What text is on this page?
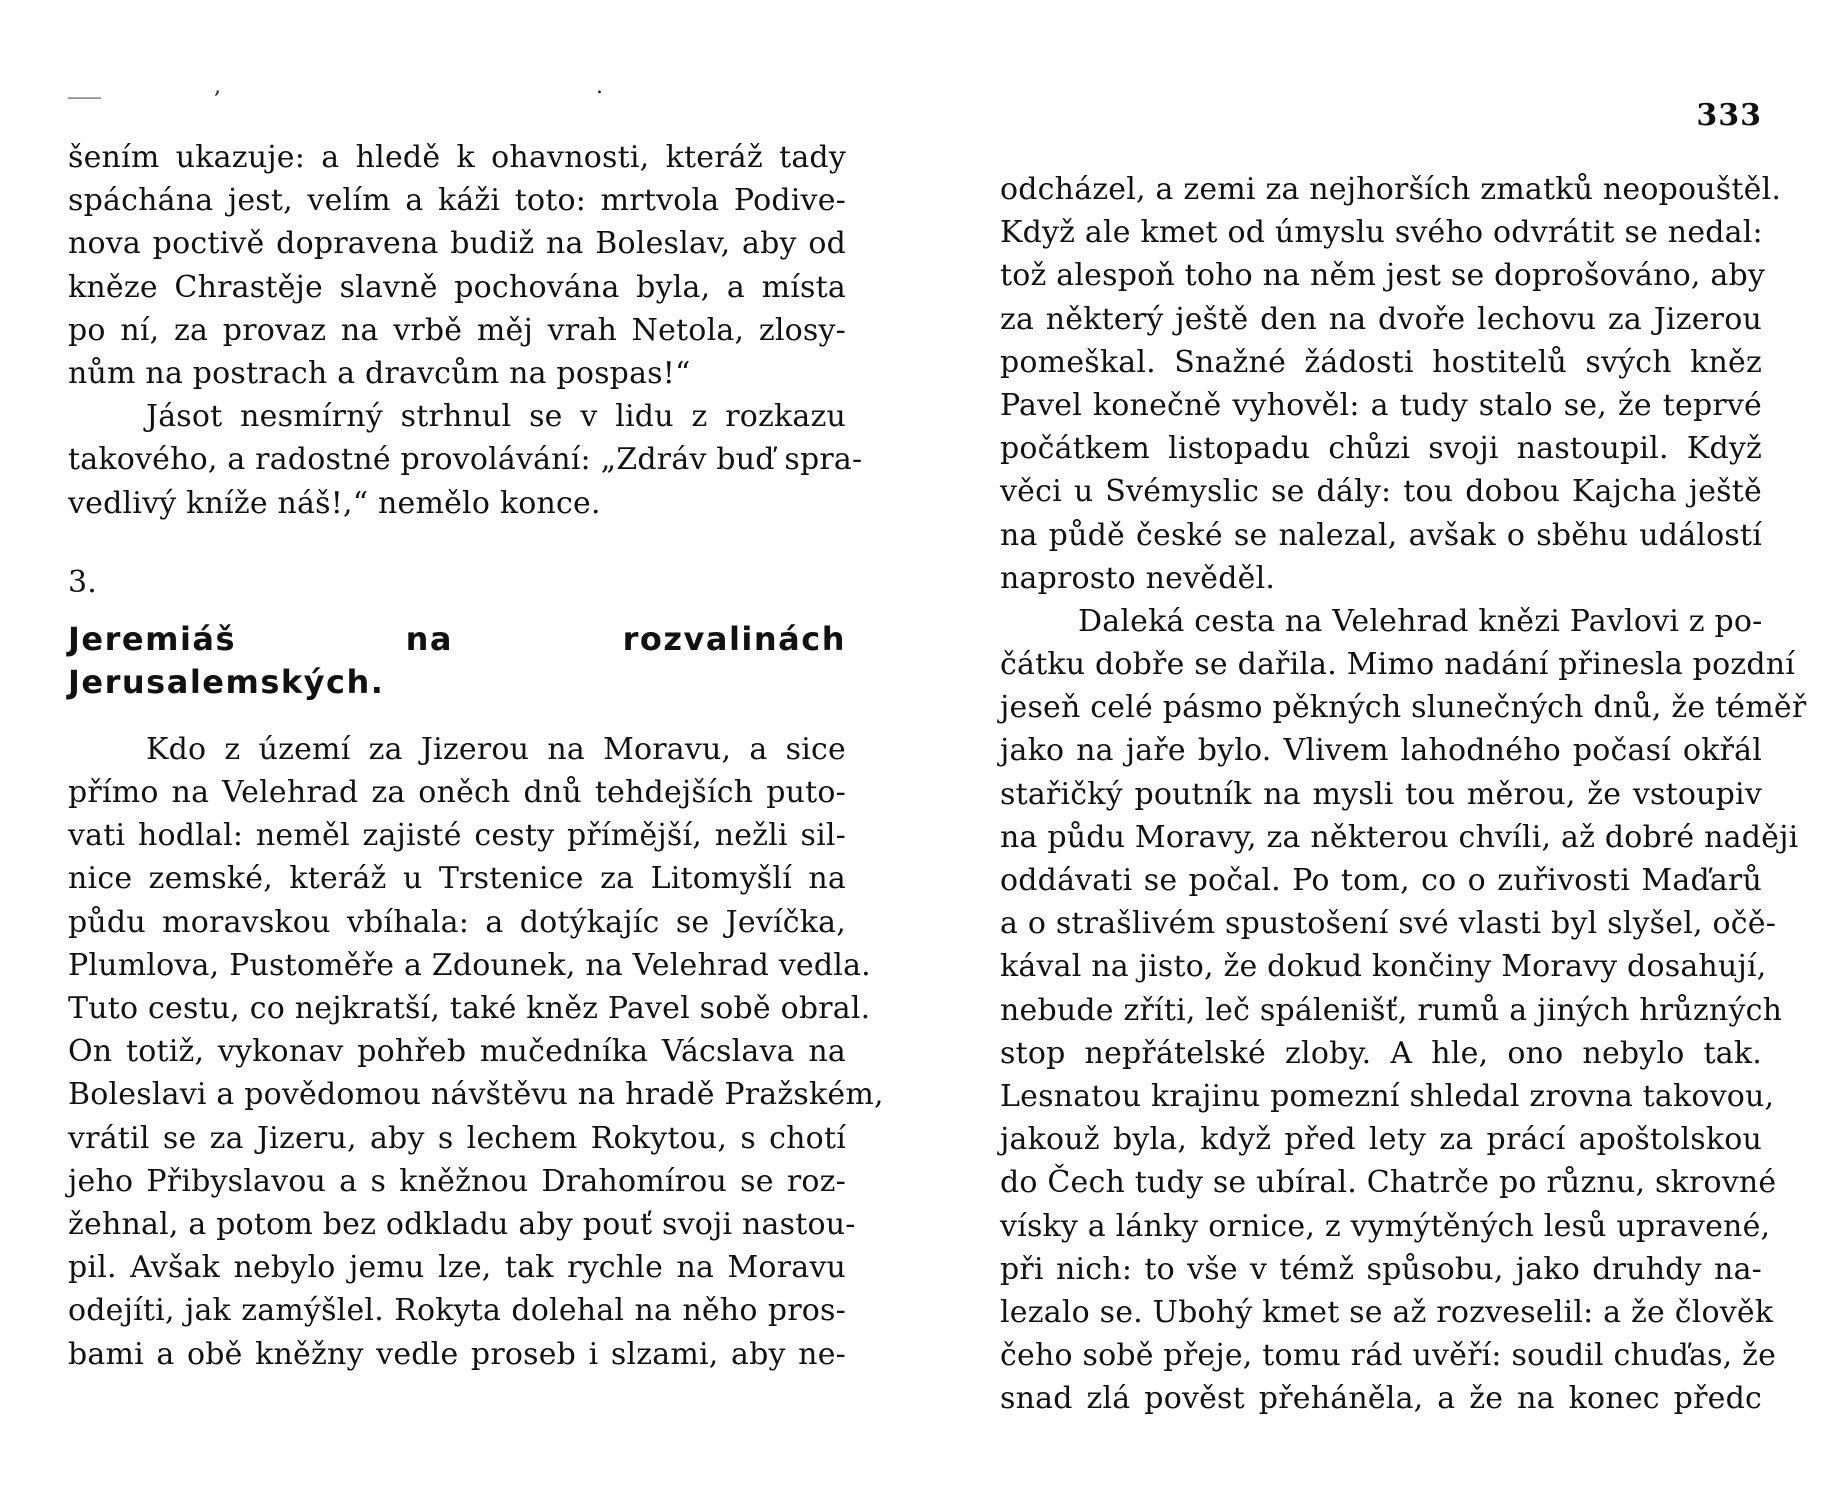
___	,	.
šením ukazuje: a hledě k ohavnosti, kteráž tady
spáchána jest, velím a káži toto: mrtvola Podive-
nova poctivě dopravena budiž na Boleslav, aby od
kněze Chrastěje slavně pochována byla, a místa
po ní, za provaz na vrbě měj vrah Netola, zlosy-
nům na postrach a dravcům na pospas!“
Jásot nesmírný strhnul se v lidu z rozkazu
takového, a radostné provolávání: „Zdráv buď spra-
vedlivý kníže náš!,“ nemělo konce.
3.
Jeremiáš na rozvalinách
Jerusalemských.
Kdo z území za Jizerou na Moravu, a sice
přímo na Velehrad za oněch dnů tehdejších puto-
vati hodlal: neměl zajisté cesty přímější, nežli sil-
nice zemské, kteráž u Trstenice za Litomyšlí na
půdu moravskou vbíhala: a dotýkajíc se Jevíčka,
Plumlova, Pustoměře a Zdounek, na Velehrad vedla.
Tuto cestu, co nejkratší, také kněz Pavel sobě obral.
On totiž, vykonav pohřeb mučedníka Vácslava na
Boleslavi a povědomou návštěvu na hradě Pražském,
vrátil se za Jizeru, aby s lechem Rokytou, s chotí
jeho Přibyslavou a s kněžnou Drahomírou se roz-
žehnal, a potom bez odkladu aby pouť svoji nastou-
pil. Avšak nebylo jemu lze, tak rychle na Moravu
odejíti, jak zamýšlel. Rokyta dolehal na něho pros-
bami a obě kněžny vedle proseb i slzami, aby ne-
333
odcházel, a zemi za nejhorších zmatků neopouštěl.
Když ale kmet od úmyslu svého odvrátit se nedal:
tož alespoň toho na něm jest se doprošováno, aby
za některý ještě den na dvoře lechovu za Jizerou
pomeškal. Snažné žádosti hostitelů svých kněz
Pavel konečně vyhověl: a tudy stalo se, že teprvé
počátkem listopadu chůzi svoji nastoupil. Když
věci u Svémyslic se dály: tou dobou Kajcha ještě
na půdě české se nalezal, avšak o sběhu událostí
naprosto nevěděl.
Daleká cesta na Velehrad knězi Pavlovi z po-
čátku dobře se dařila. Mimo nadání přinesla pozdní
jeseň celé pásmo pěkných slunečných dnů, že téměř
jako na jaře bylo. Vlivem lahodného počasí okřál
stařičký poutník na mysli tou měrou, že vstoupiv
na půdu Moravy, za některou chvíli, až dobré naději
oddávati se počal. Po tom, co o zuřivosti Maďarů
a o strašlivém spustošení své vlasti byl slyšel, očě-
kával na jisto, že dokud končiny Moravy dosahují,
nebude zříti, leč spálenišť, rumů a jiných hrůzných
stop nepřátelské zloby. A hle, ono nebylo tak.
Lesnatou krajinu pomezní shledal zrovna takovou,
jakouž byla, když před lety za prácí apoštolskou
do Čech tudy se ubíral. Chatrče po různu, skrovné
vísky a lánky ornice, z vymýtěných lesů upravené,
při nich: to vše v témž spůsobu, jako druhdy na-
lezalo se. Ubohý kmet se až rozveselil: a že člověk
čeho sobě přeje, tomu rád uvěří: soudil chuďas, že
snad zlá pověst přeháněla, a že na konec předc
